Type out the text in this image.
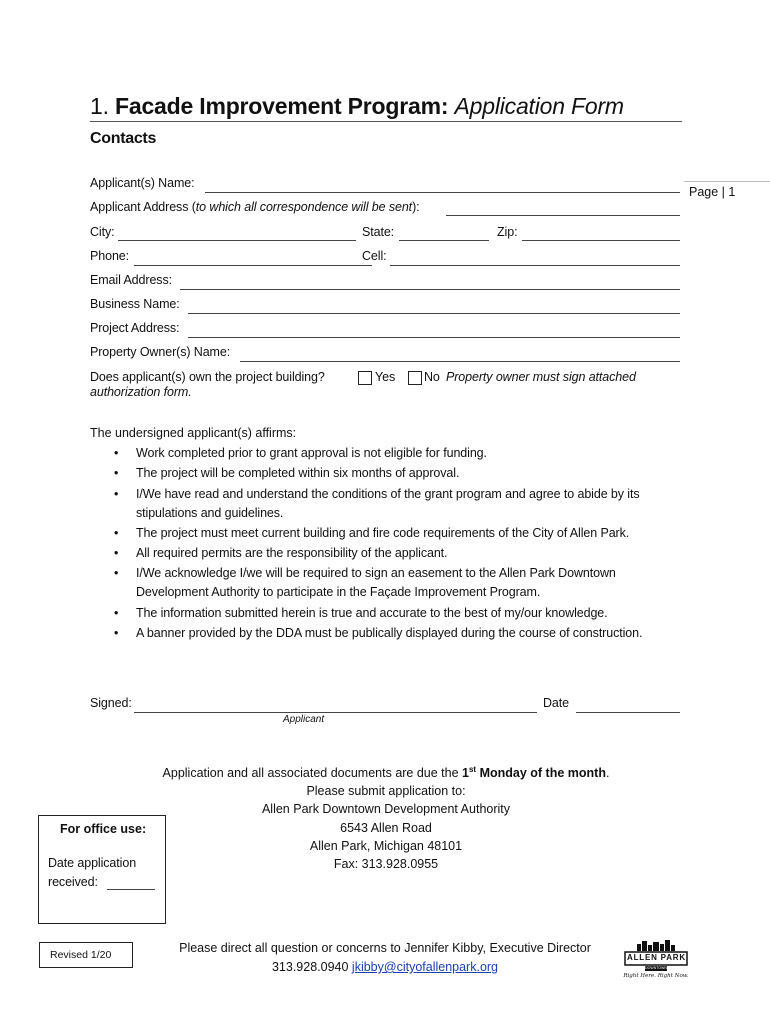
1. Facade Improvement Program: Application Form
Contacts
Page | 1
Applicant(s) Name:
Applicant Address (to which all correspondence will be sent):
City:	State:	Zip:
Phone:	Cell:
Email Address:
Business Name:
Project Address:
Property Owner(s) Name:
Does applicant(s) own the project building?	Yes No Property owner must sign attached
authorization form.
The undersigned applicant(s) affirms:
• Work completed prior to grant approval is not eligible for funding.
• The project will be completed within six months of approval.
• I/We have read and understand the conditions of the grant program and agree to abide by its stipulations and guidelines.
• The project must meet current building and fire code requirements of the City of Allen Park.
• All required permits are the responsibility of the applicant.
• I/We acknowledge I/we will be required to sign an easement to the Allen Park Downtown Development Authority to participate in the Façade Improvement Program.
• The information submitted herein is true and accurate to the best of my/our knowledge.
• A banner provided by the DDA must be publically displayed during the course of construction.
Signed:
Applicant
Date
Application and all associated documents are due the 1st Monday of the month.
Please submit application to:
Allen Park Downtown Development Authority
6543 Allen Road
Allen Park, Michigan 48101
Fax: 313.928.0955
For office use:
Date application
received:
Revised 1/20	Please direct all question or concerns to Jennifer Kibby, Executive Director
313.928.0940 jkibby@cityofallenpark.org
ALLEN PARK
DOWNTOWN
Right Here. Right Now.
